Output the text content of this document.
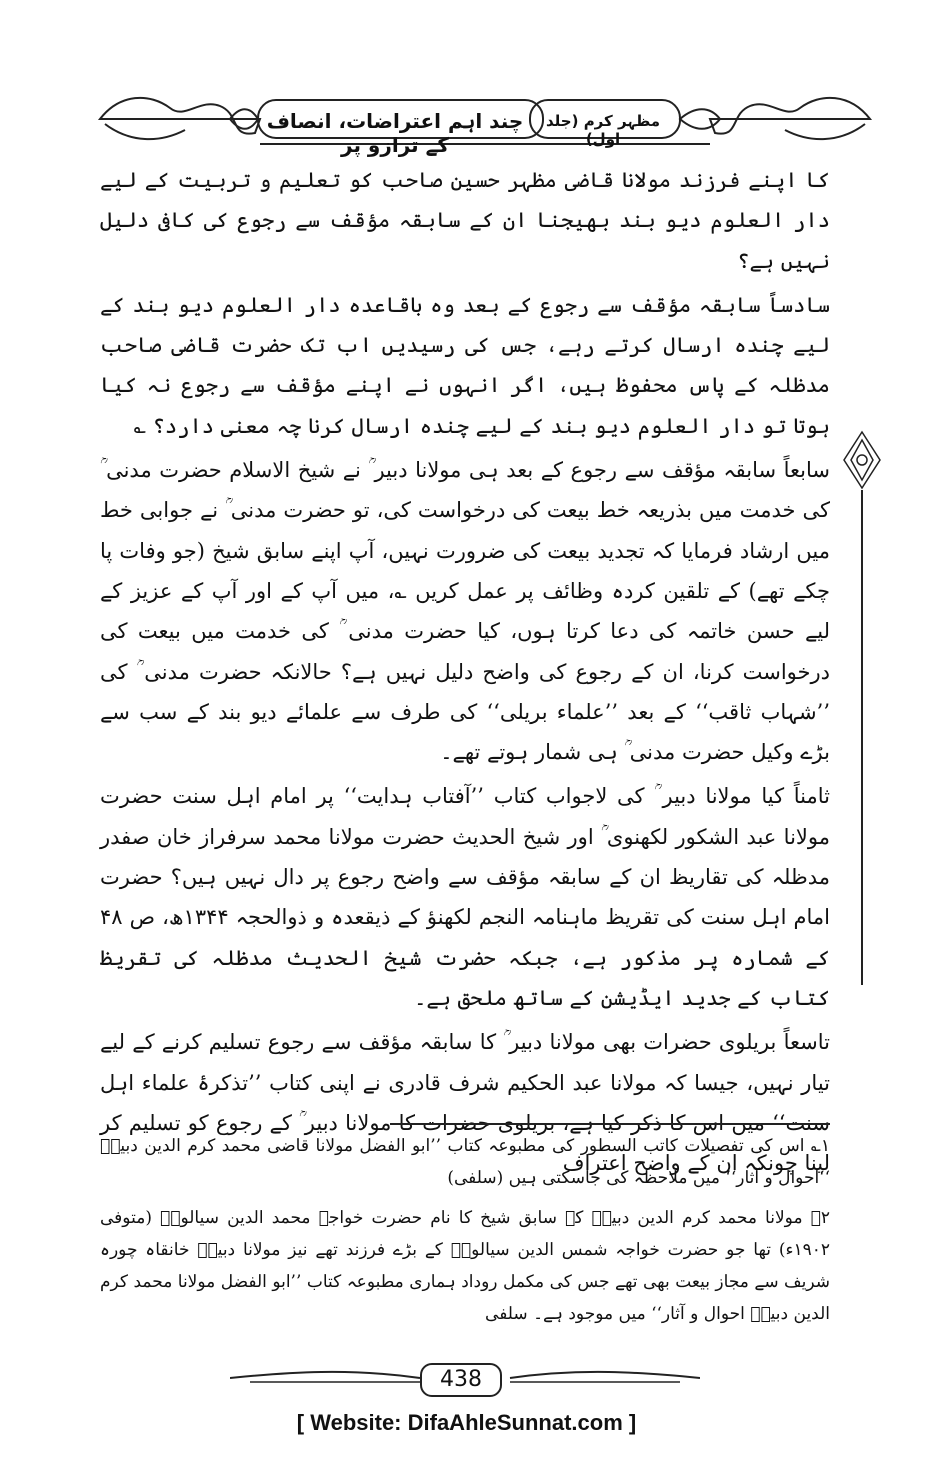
چند اہم اعتراضات، انصاف کے ترازو پر
مظہر کرم (جلد اول)

کا اپنے فرزند مولانا قاضی مظہر حسین صاحب کو تعلیم و تربیت کے لیے دار العلوم دیو بند بھیجنا ان کے سابقہ مؤقف سے رجوع کی کافی دلیل نہیں ہے؟

سادساً سابقہ مؤقف سے رجوع کے بعد وہ باقاعدہ دار العلوم دیو بند کے لیے چندہ ارسال کرتے رہے، جس کی رسیدیں اب تک حضرت قاضی صاحب مدظلہ کے پاس محفوظ ہیں، اگر انہوں نے اپنے مؤقف سے رجوع نہ کیا ہوتا تو دار العلوم دیو بند کے لیے چندہ ارسال کرنا چہ معنی دارد؟ ؎

سابعاً سابقہ مؤقف سے رجوع کے بعد ہی مولانا دبیر ؒ نے شیخ الاسلام حضرت مدنی ؒ کی خدمت میں بذریعہ خط بیعت کی درخواست کی، تو حضرت مدنی ؒ نے جوابی خط میں ارشاد فرمایا کہ تجدید بیعت کی ضرورت نہیں، آپ اپنے سابق شیخ (جو وفات پا چکے تھے) کے تلقین کردہ وظائف پر عمل کریں ؎، میں آپ کے اور آپ کے عزیز کے لیے حسن خاتمہ کی دعا کرتا ہوں، کیا حضرت مدنی ؒ کی خدمت میں بیعت کی درخواست کرنا، ان کے رجوع کی واضح دلیل نہیں ہے؟ حالانکہ حضرت مدنی ؒ کی ’’شہاب ثاقب‘‘ کے بعد ’’علماء بریلی‘‘ کی طرف سے علمائے دیو بند کے سب سے بڑے وکیل حضرت مدنی ؒ ہی شمار ہوتے تھے۔

ثامناً کیا مولانا دبیر ؒ کی لاجواب کتاب ’’آفتاب ہدایت‘‘ پر امام اہل سنت حضرت مولانا عبد الشکور لکھنوی ؒ اور شیخ الحدیث حضرت مولانا محمد سرفراز خان صفدر مدظلہ کی تقاریظ ان کے سابقہ مؤقف سے واضح رجوع پر دال نہیں ہیں؟ حضرت امام اہل سنت کی تقریظ ماہنامہ النجم لکھنؤ کے ذیقعدہ و ذوالحجہ ۱۳۴۴ھ، ص ۴۸ کے شمارہ پر مذکور ہے، جبکہ حضرت شیخ الحدیث مدظلہ کی تقریظ کتاب کے جدید ایڈیشن کے ساتھ ملحق ہے۔

تاسعاً بریلوی حضرات بھی مولانا دبیر ؒ کا سابقہ مؤقف سے رجوع تسلیم کرنے کے لیے تیار نہیں، جیسا کہ مولانا عبد الحکیم شرف قادری نے اپنی کتاب ’’تذکرۂ علماء اہل سنت‘‘ میں اس کا ذکر کیا ہے، بریلوی حضرات کا مولانا دبیر ؒ کے رجوع کو تسلیم کر لینا چونکہ ان کے واضح اعتراف

۱؎ اس کی تفصیلات کاتب السطور کی مطبوعہ کتاب ’’ابو الفضل مولانا قاضی محمد کرم الدین دبیرؒ ‘‘احوال و آثار‘‘ میں ملاحظہ کی جاسکتی ہیں (سلفی)

۲؎ مولانا محمد کرم الدین دبیرؒ کے سابق شیخ کا نام حضرت خواجہ محمد الدین سیالویؒ (متوفی ۱۹۰۲ء) تھا جو حضرت خواجہ شمس الدین سیالویؒ کے بڑے فرزند تھے نیز مولانا دبیرؒ خانقاہ چورہ شریف سے مجاز بیعت بھی تھے جس کی مکمل روداد ہماری مطبوعہ کتاب ’’ابو الفضل مولانا محمد کرم الدین دبیرؒ احوال و آثار‘‘ میں موجود ہے۔ سلفی

438
[ Website: DifaAhleSunnat.com ]
